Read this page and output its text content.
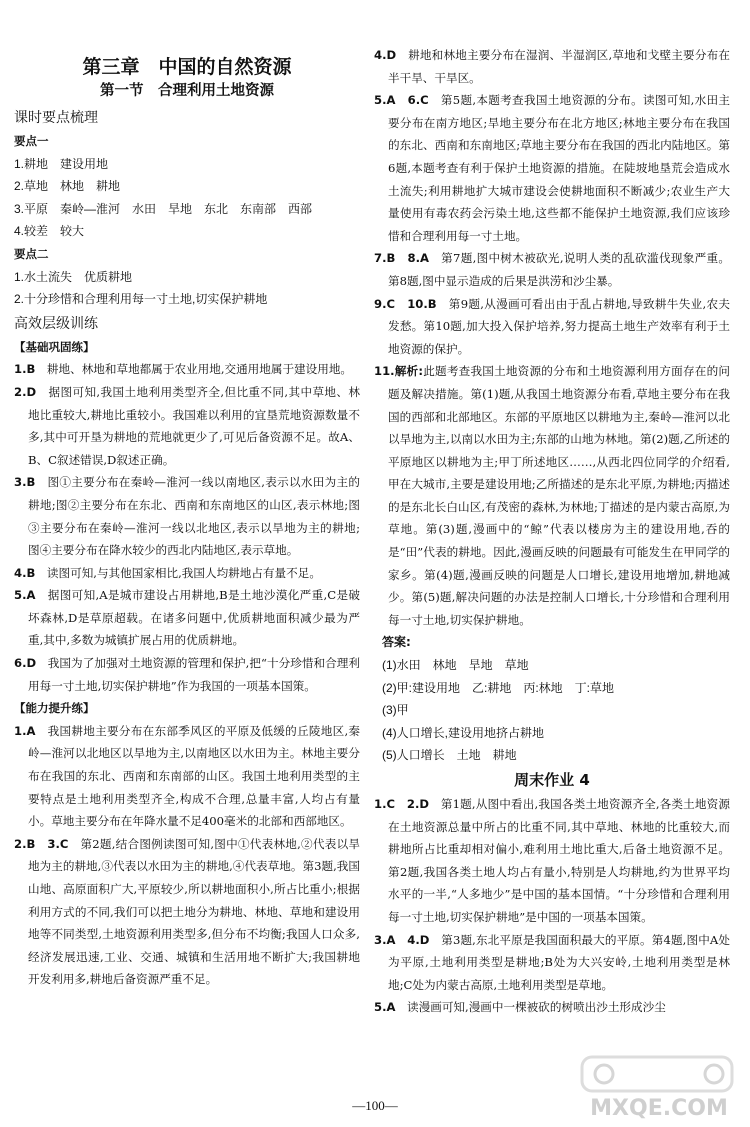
第三章　中国的自然资源
第一节　合理利用土地资源
课时要点梳理

要点一

1.耕地　建设用地

2.草地　林地　耕地

3.平原　秦岭—淮河　水田　旱地　东北　东南部　西部

4.较差　较大

要点二

1.水土流失　优质耕地

2.十分珍惜和合理利用每一寸土地,切实保护耕地

高效层级训练

【基础巩固练】

1.B　耕地、林地和草地都属于农业用地,交通用地属于建设用地。

2.D　据图可知,我国土地利用类型齐全,但比重不同,其中草地、林地比重较大,耕地比重较小。我国难以利用的宜垦荒地资源数量不多,其中可开垦为耕地的荒地就更少了,可见后备资源不足。故A、B、C叙述错误,D叙述正确。

3.B　图①主要分布在秦岭—淮河一线以南地区,表示以水田为主的耕地;图②主要分布在东北、西南和东南地区的山区,表示林地;图③主要分布在秦岭—淮河一线以北地区,表示以旱地为主的耕地;图④主要分布在降水较少的西北内陆地区,表示草地。

4.B　读图可知,与其他国家相比,我国人均耕地占有量不足。

5.A　据图可知,A是城市建设占用耕地,B是土地沙漠化严重,C是破坏森林,D是草原超载。在诸多问题中,优质耕地面积减少最为严重,其中,多数为城镇扩展占用的优质耕地。

6.D　我国为了加强对土地资源的管理和保护,把“十分珍惜和合理利用每一寸土地,切实保护耕地”作为我国的一项基本国策。

【能力提升练】

1.A　我国耕地主要分布在东部季风区的平原及低缓的丘陵地区,秦岭—淮河以北地区以旱地为主,以南地区以水田为主。林地主要分布在我国的东北、西南和东南部的山区。我国土地利用类型的主要特点是土地利用类型齐全,构成不合理,总量丰富,人均占有量小。草地主要分布在年降水量不足400毫米的北部和西部地区。

2.B　3.C　第2题,结合图例读图可知,图中①代表林地,②代表以旱地为主的耕地,③代表以水田为主的耕地,④代表草地。第3题,我国山地、高原面积广大,平原较少,所以耕地面积小,所占比重小;根据利用方式的不同,我们可以把土地分为耕地、林地、草地和建设用地等不同类型,土地资源利用类型多,但分布不均衡;我国人口众多,经济发展迅速,工业、交通、城镇和生活用地不断扩大;我国耕地开发利用多,耕地后备资源严重不足。

4.D　耕地和林地主要分布在湿润、半湿润区,草地和戈壁主要分布在半干旱、干旱区。

5.A　6.C　第5题,本题考查我国土地资源的分布。读图可知,水田主要分布在南方地区;旱地主要分布在北方地区;林地主要分布在我国的东北、西南和东南地区;草地主要分布在我国的西北内陆地区。第6题,本题考查有利于保护土地资源的措施。在陡坡地垦荒会造成水土流失;利用耕地扩大城市建设会使耕地面积不断减少;农业生产大量使用有毒农药会污染土地,这些都不能保护土地资源,我们应该珍惜和合理利用每一寸土地。

7.B　8.A　第7题,图中树木被砍光,说明人类的乱砍滥伐现象严重。第8题,图中显示造成的后果是洪涝和沙尘暴。

9.C　10.B　第9题,从漫画可看出由于乱占耕地,导致耕牛失业,农夫发愁。第10题,加大投入保护培养,努力提高土地生产效率有利于土地资源的保护。

11.解析:此题考查我国土地资源的分布和土地资源利用方面存在的问题及解决措施。第(1)题,从我国土地资源分布看,草地主要分布在我国的西部和北部地区。东部的平原地区以耕地为主,秦岭—淮河以北以旱地为主,以南以水田为主;东部的山地为林地。第(2)题,乙所述的平原地区以耕地为主;甲丁所述地区……,从西北四位同学的介绍看,甲在大城市,主要是建设用地;乙所描述的是东北平原,为耕地;丙描述的是东北长白山区,有茂密的森林,为林地;丁描述的是内蒙古高原,为草地。第(3)题,漫画中的“鲸”代表以楼房为主的建设用地,吞的是“田”代表的耕地。因此,漫画反映的问题最有可能发生在甲同学的家乡。第(4)题,漫画反映的问题是人口增长,建设用地增加,耕地减少。第(5)题,解决问题的办法是控制人口增长,十分珍惜和合理利用每一寸土地,切实保护耕地。

答案:

(1)水田　林地　旱地　草地

(2)甲:建设用地　乙:耕地　丙:林地　丁:草地

(3)甲

(4)人口增长,建设用地挤占耕地

(5)人口增长　土地　耕地

周末作业 4

1.C　2.D　第1题,从图中看出,我国各类土地资源齐全,各类土地资源在土地资源总量中所占的比重不同,其中草地、林地的比重较大,而耕地所占比重却相对偏小,难利用土地比重大,后备土地资源不足。第2题,我国各类土地人均占有量小,特别是人均耕地,约为世界平均水平的一半,“人多地少”是中国的基本国情。“十分珍惜和合理利用每一寸土地,切实保护耕地”是中国的一项基本国策。

3.A　4.D　第3题,东北平原是我国面积最大的平原。第4题,图中A处为平原,土地利用类型是耕地;B处为大兴安岭,土地利用类型是林地;C处为内蒙古高原,土地利用类型是草地。

5.A　读漫画可知,漫画中一棵被砍的树喷出沙土形成沙尘

—100—	MXQE.COM
